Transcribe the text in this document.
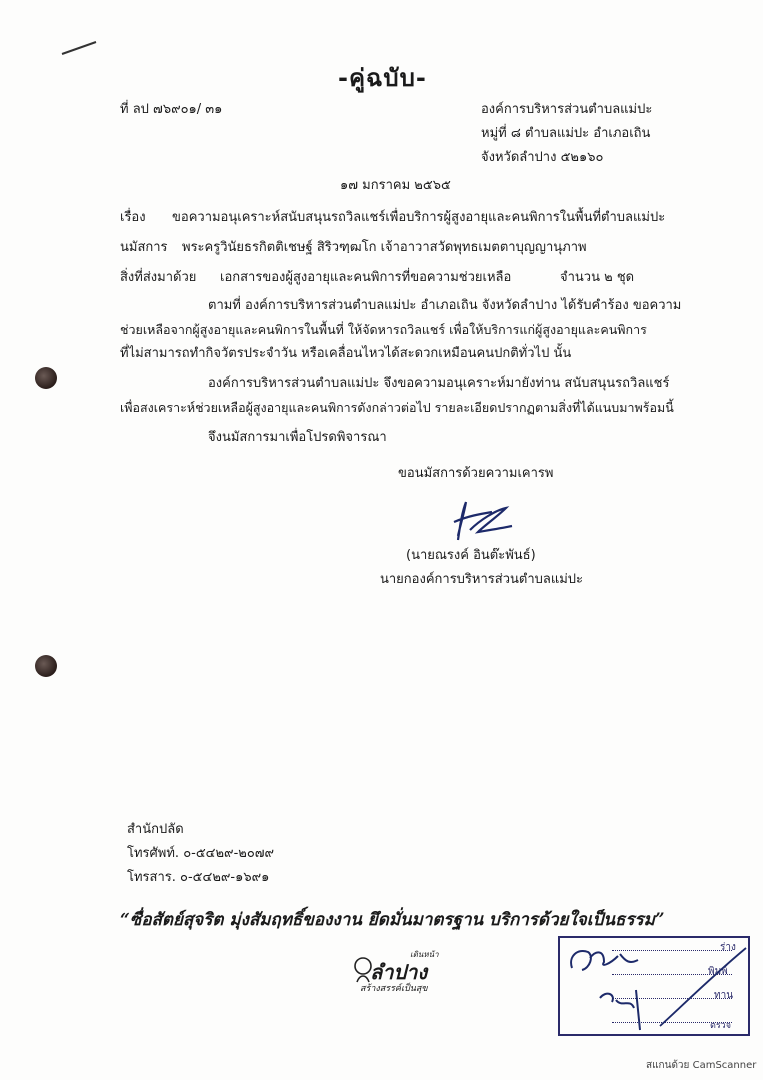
-คู่ฉบับ-
ที่ ลป ๗๖๙๐๑/ ๓๑	องค์การบริหารส่วนตำบลแม่ปะ
หมู่ที่ ๘ ตำบลแม่ปะ อำเภอเถิน
จังหวัดลำปาง ๕๒๑๖๐
๑๗ มกราคม ๒๕๖๕
เรื่อง ขอความอนุเคราะห์สนับสนุนรถวิลแชร์เพื่อบริการผู้สูงอายุและคนพิการในพื้นที่ตำบลแม่ปะ
นมัสการ พระครูวินัยธรกิตติเชษฐ์ สิริวฑฺฒโก เจ้าอาวาสวัดพุทธเมตตาบุญญานุภาพ
สิ่งที่ส่งมาด้วย เอกสารของผู้สูงอายุและคนพิการที่ขอความช่วยเหลือ	จำนวน ๒ ชุด
ตามที่ องค์การบริหารส่วนตำบลแม่ปะ อำเภอเถิน จังหวัดลำปาง ได้รับคำร้อง ขอความ
ช่วยเหลือจากผู้สูงอายุและคนพิการในพื้นที่ ให้จัดหารถวิลแชร์ เพื่อให้บริการแก่ผู้สูงอายุและคนพิการ
ที่ไม่สามารถทำกิจวัตรประจำวัน หรือเคลื่อนไหวได้สะดวกเหมือนคนปกติทั่วไป นั้น
องค์การบริหารส่วนตำบลแม่ปะ จึงขอความอนุเคราะห์มายังท่าน สนับสนุนรถวิลแชร์
เพื่อสงเคราะห์ช่วยเหลือผู้สูงอายุและคนพิการดังกล่าวต่อไป รายละเอียดปรากฏตามสิ่งที่ได้แนบมาพร้อมนี้
จึงนมัสการมาเพื่อโปรดพิจารณา
ขอนมัสการด้วยความเคารพ
(นายณรงค์ อินต๊ะพันธ์)
นายกองค์การบริหารส่วนตำบลแม่ปะ
สำนักปลัด
โทรศัพท์. ๐-๕๔๒๙-๒๐๗๙
โทรสาร. ๐-๕๔๒๙-๑๖๙๑
“ซื่อสัตย์สุจริต มุ่งสัมฤทธิ์ของงาน ยึดมั่นมาตรฐาน บริการด้วยใจเป็นธรรม”
เดินหน้า
ลำปาง
สร้างสรรค์เป็นสุข
ร่าง
พิมพ์
ทาน
ตรวจ
สแกนด้วย CamScanner
